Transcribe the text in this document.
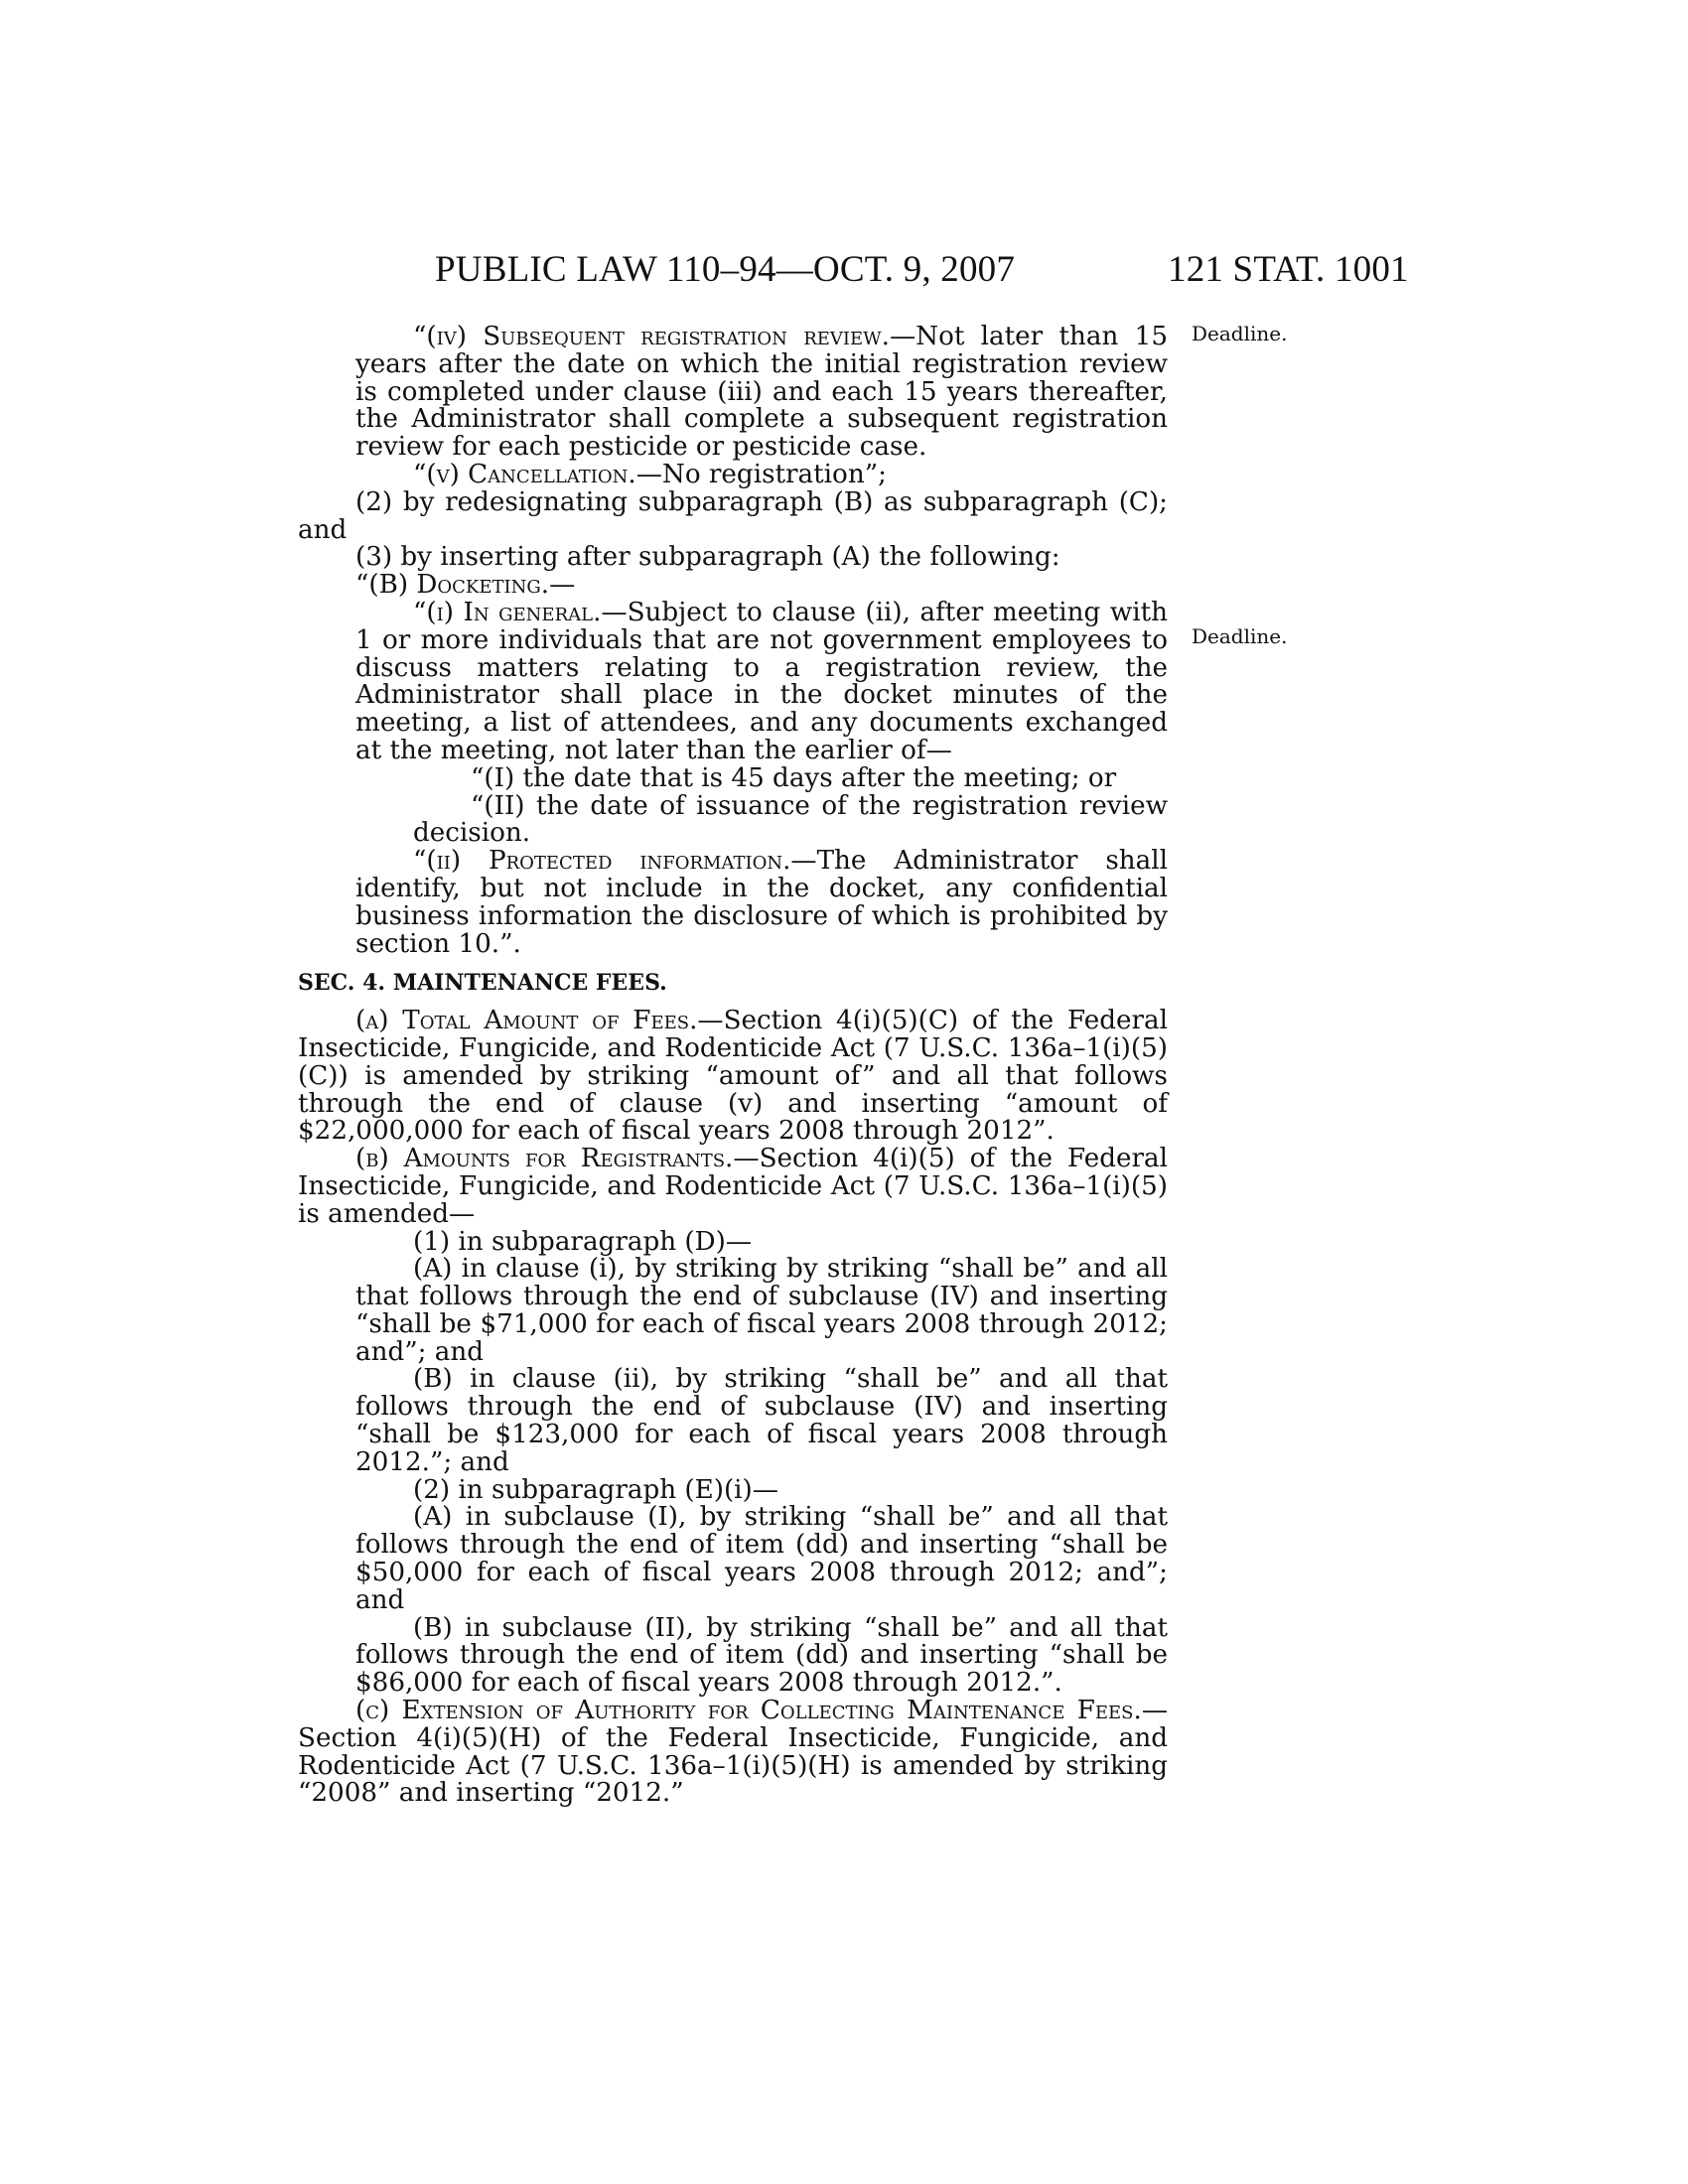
PUBLIC LAW 110–94—OCT. 9, 2007	121 STAT. 1001
Deadline.
Deadline.

“(iv) Subsequent registration review.—Not later than 15 years after the date on which the initial registration review is completed under clause (iii) and each 15 years thereafter, the Administrator shall complete a subsequent registration review for each pesticide or pesticide case.

“(v) Cancellation.—No registration”;

(2) by redesignating subparagraph (B) as subparagraph (C); and

(3) by inserting after subparagraph (A) the following:

“(B) Docketing.—

“(i) In general.—Subject to clause (ii), after meeting with 1 or more individuals that are not government employees to discuss matters relating to a registration review, the Administrator shall place in the docket minutes of the meeting, a list of attendees, and any documents exchanged at the meeting, not later than the earlier of—

“(I) the date that is 45 days after the meeting; or

“(II) the date of issuance of the registration review decision.

“(ii) Protected information.—The Administrator shall identify, but not include in the docket, any confidential business information the disclosure of which is prohibited by section 10.”.

SEC. 4. MAINTENANCE FEES.

(a) Total Amount of Fees.—Section 4(i)(5)(C) of the Federal Insecticide, Fungicide, and Rodenticide Act (7 U.S.C. 136a–1(i)(5)(C)) is amended by striking “amount of” and all that follows through the end of clause (v) and inserting “amount of $22,000,000 for each of fiscal years 2008 through 2012”.

(b) Amounts for Registrants.—Section 4(i)(5) of the Federal Insecticide, Fungicide, and Rodenticide Act (7 U.S.C. 136a–1(i)(5) is amended—

(1) in subparagraph (D)—

(A) in clause (i), by striking by striking “shall be” and all that follows through the end of subclause (IV) and inserting “shall be $71,000 for each of fiscal years 2008 through 2012; and”; and

(B) in clause (ii), by striking “shall be” and all that follows through the end of subclause (IV) and inserting “shall be $123,000 for each of fiscal years 2008 through 2012.”; and

(2) in subparagraph (E)(i)—

(A) in subclause (I), by striking “shall be” and all that follows through the end of item (dd) and inserting “shall be $50,000 for each of fiscal years 2008 through 2012; and”; and

(B) in subclause (II), by striking “shall be” and all that follows through the end of item (dd) and inserting “shall be $86,000 for each of fiscal years 2008 through 2012.”.

(c) Extension of Authority for Collecting Maintenance Fees.—Section 4(i)(5)(H) of the Federal Insecticide, Fungicide, and Rodenticide Act (7 U.S.C. 136a–1(i)(5)(H) is amended by striking “2008” and inserting “2012.”
